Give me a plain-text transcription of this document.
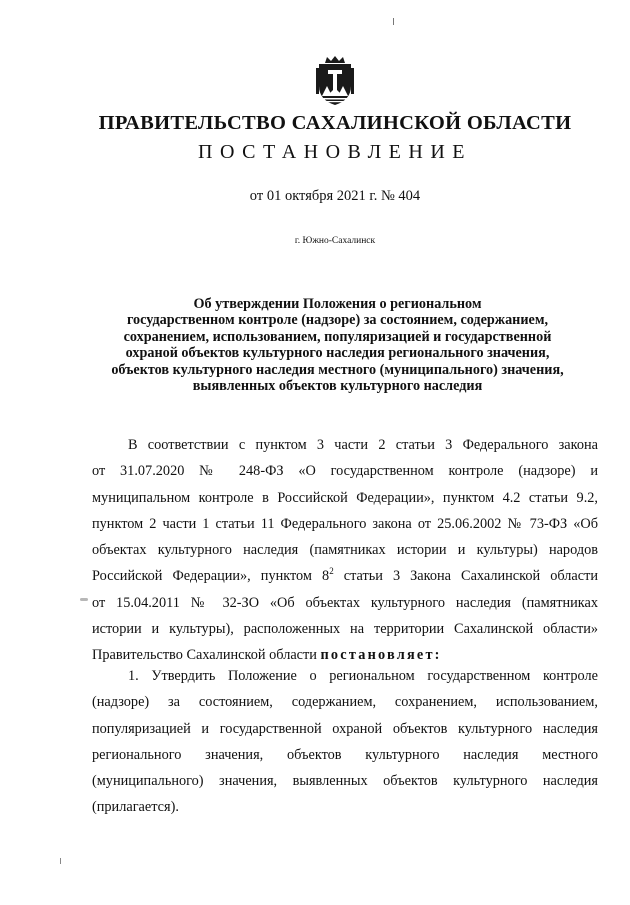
ПРАВИТЕЛЬСТВО САХАЛИНСКОЙ ОБЛАСТИ
ПОСТАНОВЛЕНИЕ
от 01 октября 2021 г. № 404
г. Южно-Сахалинск
Об утверждении Положения о региональном
государственном контроле (надзоре) за состоянием, содержанием,
сохранением, использованием, популяризацией и государственной
охраной объектов культурного наследия регионального значения,
объектов культурного наследия местного (муниципального) значения,
выявленных объектов культурного наследия
В соответствии с пунктом 3 части 2 статьи 3 Федерального закона
от 31.07.2020 № 248-ФЗ «О государственном контроле (надзоре) и
муниципальном контроле в Российской Федерации», пунктом 4.2 статьи 9.2,
пунктом 2 части 1 статьи 11 Федерального закона от 25.06.2002 № 73-ФЗ «Об
объектах культурного наследия (памятниках истории и культуры) народов
Российской Федерации», пунктом $8^2$ статьи 3 Закона Сахалинской области
от 15.04.2011 № 32-ЗО «Об объектах культурного наследия (памятниках
истории и культуры), расположенных на территории Сахалинской области»
Правительство Сахалинской области постановляет:
1. Утвердить Положение о региональном государственном контроле
(надзоре) за состоянием, содержанием, сохранением, использованием,
популяризацией и государственной охраной объектов культурного наследия
регионального значения, объектов культурного наследия местного
(муниципального) значения, выявленных объектов культурного наследия
(прилагается).
